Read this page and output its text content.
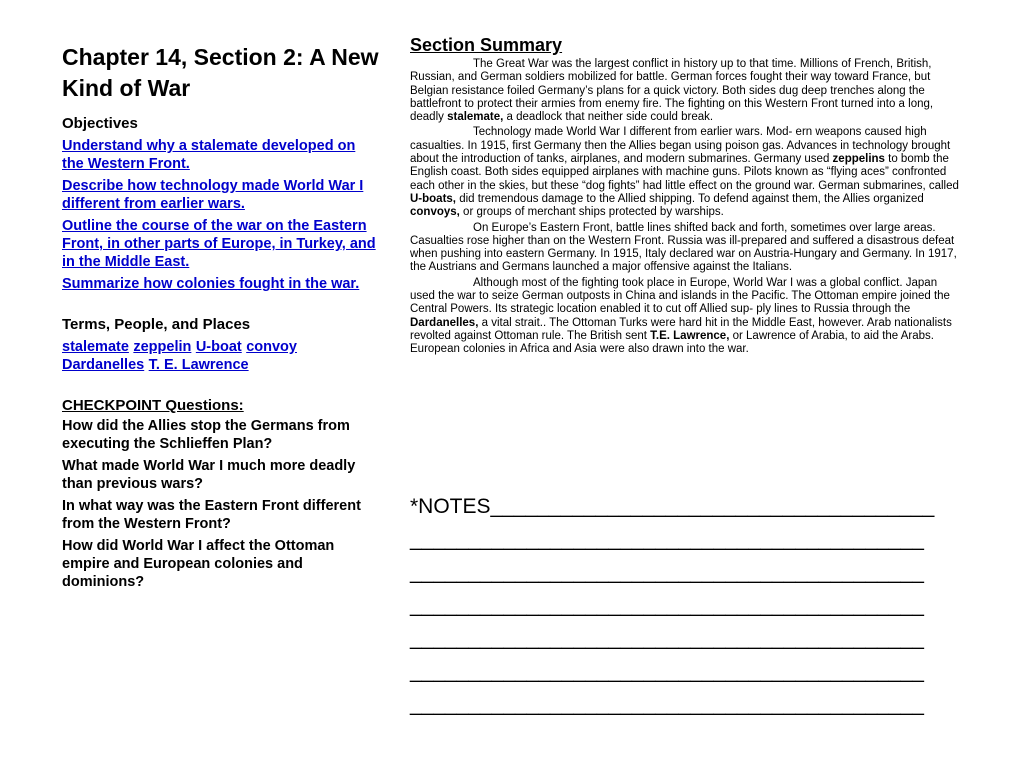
Chapter 14, Section 2: A New Kind of War
Objectives
Understand why a stalemate developed on the Western Front.
Describe how technology made World War I different from earlier wars.
Outline the course of the war on the Eastern Front, in other parts of Europe, in Turkey, and in the Middle East.
Summarize how colonies fought in the war.
Terms, People, and Places
stalemate zeppelin U-boat convoy Dardanelles T. E. Lawrence
CHECKPOINT Questions:
How did the Allies stop the Germans from executing the Schlieffen Plan?
What made World War I much more deadly than previous wars?
In what way was the Eastern Front different from the Western Front?
How did World War I affect the Ottoman empire and European colonies and dominions?
Section Summary

The Great War was the largest conflict in history up to that time. Millions of French, British, Russian, and German soldiers mobilized for battle. German forces fought their way toward France, but Belgian resistance foiled Germany’s plans for a quick victory. Both sides dug deep trenches along the battlefront to protect their armies from enemy fire. The fighting on this Western Front turned into a long, deadly stalemate, a deadlock that neither side could break.

Technology made World War I different from earlier wars. Mod- ern weapons caused high casualties. In 1915, first Germany then the Allies began using poison gas. Advances in technology brought about the introduction of tanks, airplanes, and modern submarines. Germany used zeppelins to bomb the English coast. Both sides equipped airplanes with machine guns. Pilots known as “flying aces” confronted each other in the skies, but these “dog fights” had little effect on the ground war. German submarines, called U-boats, did tremendous damage to the Allied shipping. To defend against them, the Allies organized convoys, or groups of merchant ships protected by warships.

On Europe’s Eastern Front, battle lines shifted back and forth, sometimes over large areas. Casualties rose higher than on the Western Front. Russia was ill-prepared and suffered a disastrous defeat when pushing into eastern Germany. In 1915, Italy declared war on Austria-Hungary and Germany. In 1917, the Austrians and Germans launched a major offensive against the Italians.

Although most of the fighting took place in Europe, World War I was a global conflict. Japan used the war to seize German outposts in China and islands in the Pacific. The Ottoman empire joined the Central Powers. Its strategic location enabled it to cut off Allied sup- ply lines to Russia through the Dardanelles, a vital strait.. The Ottoman Turks were hard hit in the Middle East, however. Arab nationalists revolted against Ottoman rule. The British sent T.E. Lawrence, or Lawrence of Arabia, to aid the Arabs. European colonies in Africa and Asia were also drawn into the war.

*NOTES______________________________________
____________________________________________
____________________________________________
____________________________________________
____________________________________________
____________________________________________
____________________________________________
